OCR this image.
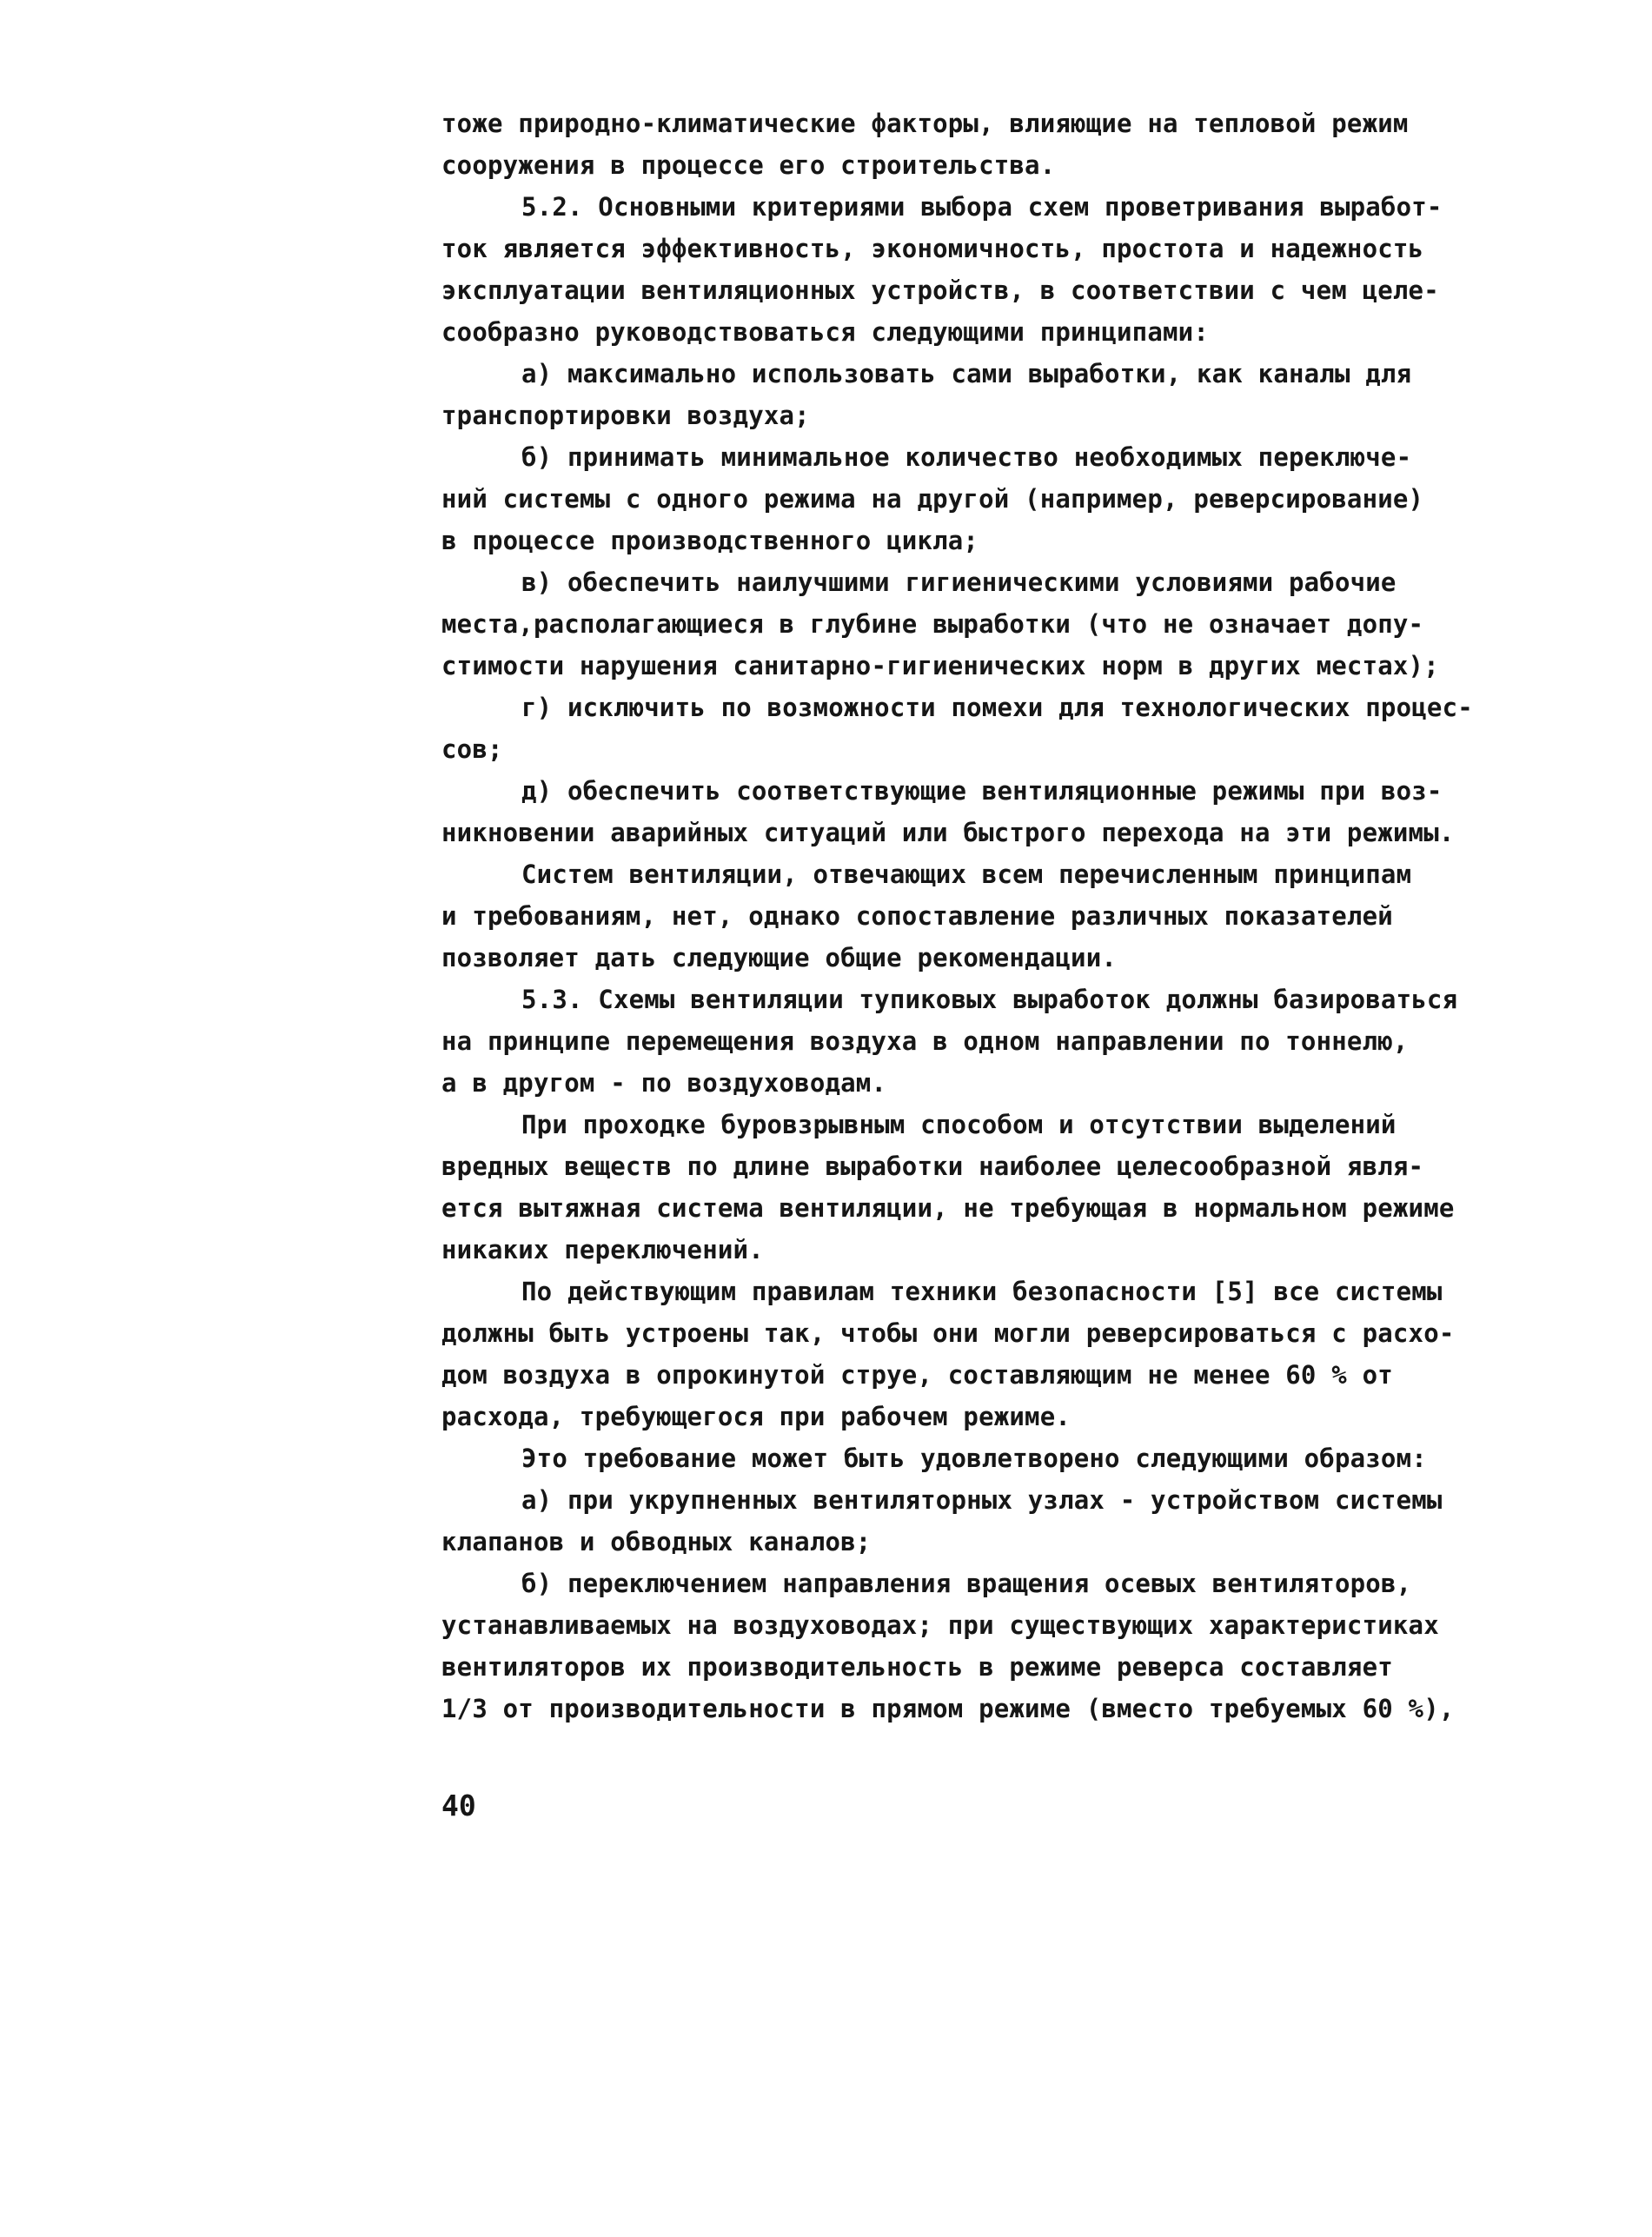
тоже природно-климатические факторы, влияющие на тепловой режим
сооружения в процессе его строительства.
5.2. Основными критериями выбора схем проветривания выработ-
ток является эффективность, экономичность, простота и надежность
эксплуатации вентиляционных устройств, в соответствии с чем целе-
сообразно руководствоваться следующими принципами:
а) максимально использовать сами выработки, как каналы для
транспортировки воздуха;
б) принимать минимальное количество необходимых переключе-
ний системы с одного режима на другой (например, реверсирование)
в процессе производственного цикла;
в) обеспечить наилучшими гигиеническими условиями рабочие
места,располагающиеся в глубине выработки (что не означает допу-
стимости нарушения санитарно-гигиенических норм в других местах);
г) исключить по возможности помехи для технологических процес-
сов;
д) обеспечить соответствующие вентиляционные режимы при воз-
никновении аварийных ситуаций или быстрого перехода на эти режимы.
Систем вентиляции, отвечающих всем перечисленным принципам
и требованиям, нет, однако сопоставление различных показателей
позволяет дать следующие общие рекомендации.
5.3. Схемы вентиляции тупиковых выработок должны базироваться
на принципе перемещения воздуха в одном направлении по тоннелю,
а в другом - по воздуховодам.
При проходке буровзрывным способом и отсутствии выделений
вредных веществ по длине выработки наиболее целесообразной явля-
ется вытяжная система вентиляции, не требующая в нормальном режиме
никаких переключений.
По действующим правилам техники безопасности [5] все системы
должны быть устроены так, чтобы они могли реверсироваться с расхо-
дом воздуха в опрокинутой струе, составляющим не менее 60 % от
расхода, требующегося при рабочем режиме.
Это требование может быть удовлетворено следующими образом:
а) при укрупненных вентиляторных узлах - устройством системы
клапанов и обводных каналов;
б) переключением направления вращения осевых вентиляторов,
устанавливаемых на воздуховодах; при существующих характеристиках
вентиляторов их производительность в режиме реверса составляет
1/3 от производительности в прямом режиме (вместо требуемых 60 %),
40
